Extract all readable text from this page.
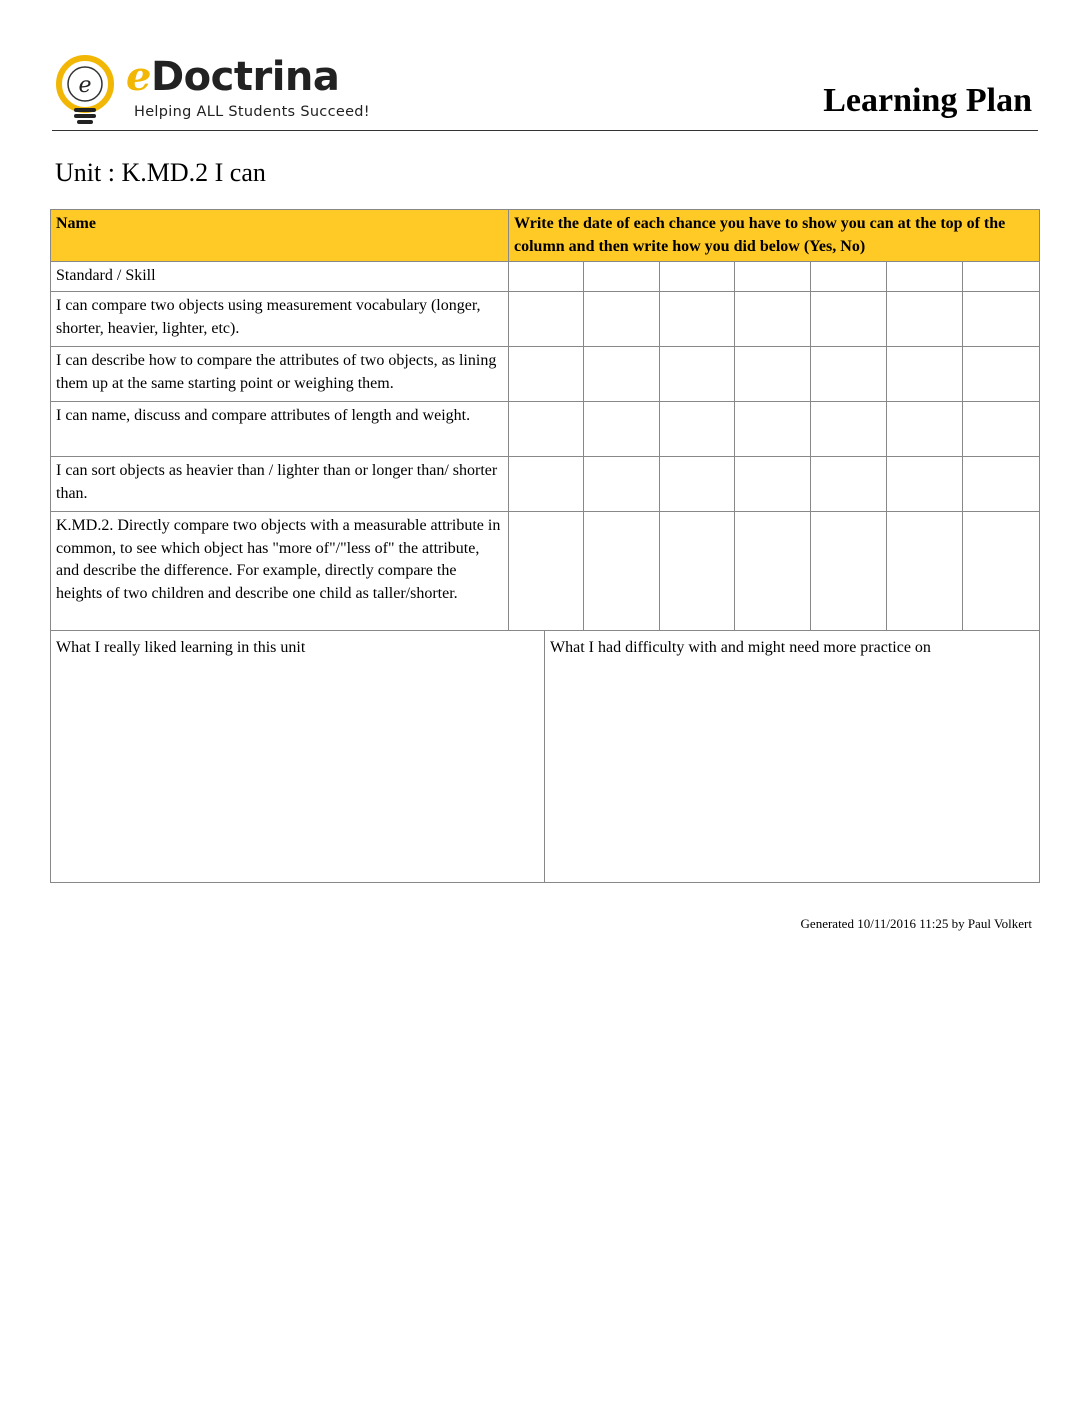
e eDoctrina
Helping ALL Students Succeed!	Learning Plan
Unit : K.MD.2 I can
Name	Write the date of each chance you have to show you can at the top of the column and then write how you did below (Yes, No)						
Standard / Skill							
I can compare two objects using measurement vocabulary (longer, shorter, heavier, lighter, etc).							
I can describe how to compare the attributes of two objects, as lining them up at the same starting point or weighing them.							
I can name, discuss and compare attributes of length and weight.							
I can sort objects as heavier than / lighter than or longer than/ shorter than.							
K.MD.2. Directly compare two objects with a measurable attribute in common, to see which object has "more of"/"less of" the attribute, and describe the difference. For example, directly compare the heights of two children and describe one child as taller/shorter.							
What I really liked learning in this unit	What I had difficulty with and might need more practice on
Generated 10/11/2016 11:25 by Paul Volkert
